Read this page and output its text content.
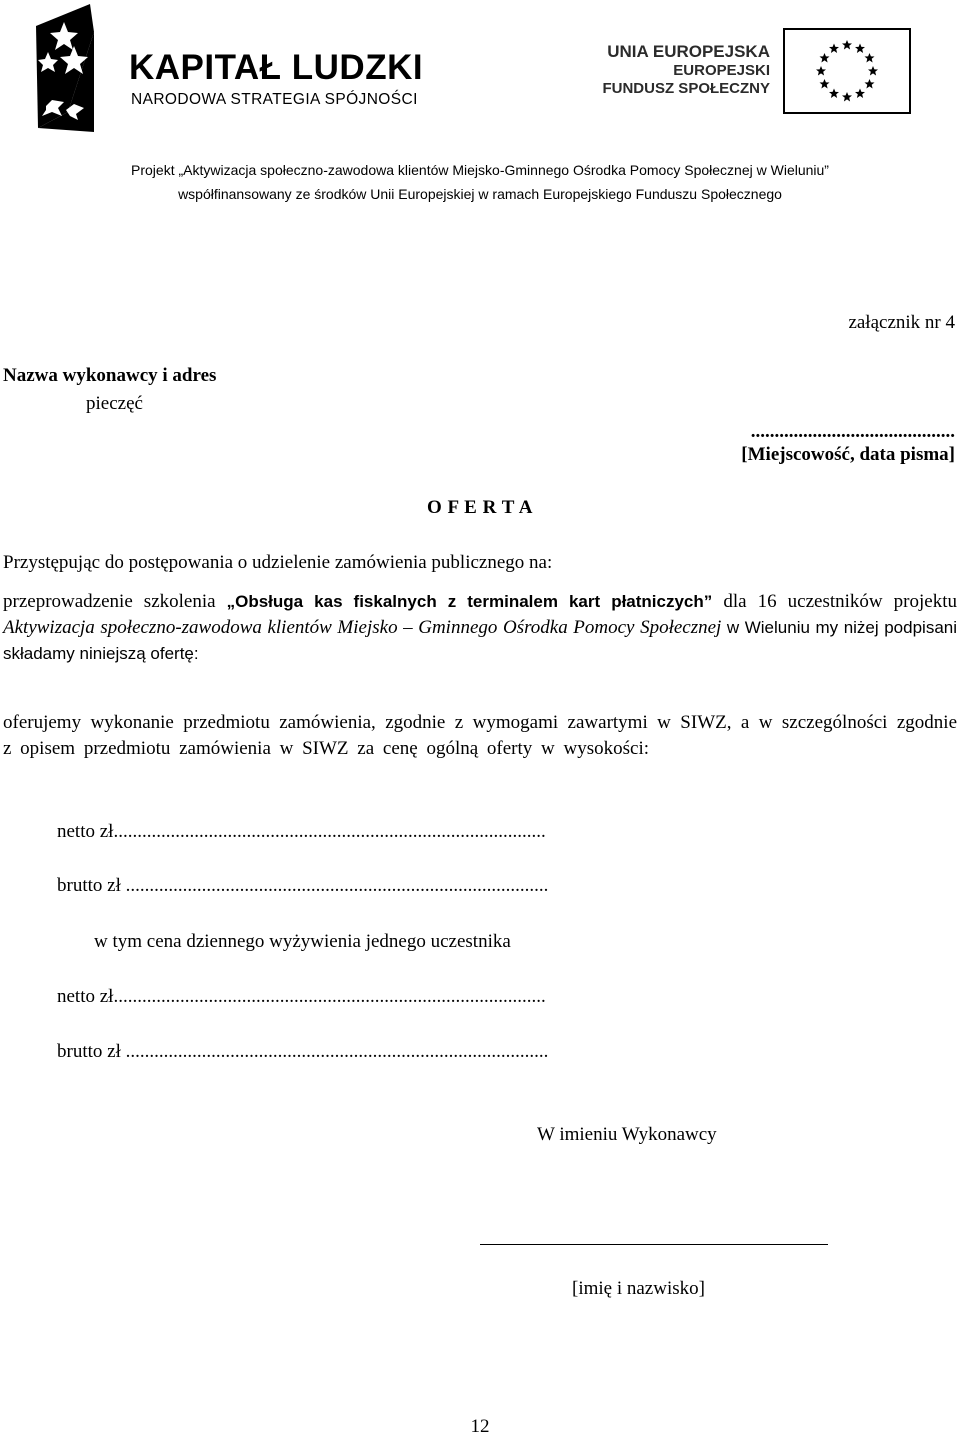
KAPITAŁ LUDZKI
NARODOWA STRATEGIA SPÓJNOŚCI
UNIA EUROPEJSKA
EUROPEJSKI
FUNDUSZ SPOŁECZNY
Projekt „Aktywizacja społeczno-zawodowa klientów Miejsko-Gminnego Ośrodka Pomocy Społecznej w Wieluniu”
współfinansowany ze środków Unii Europejskiej w ramach Europejskiego Funduszu Społecznego
załącznik nr 4
Nazwa wykonawcy i adres
pieczęć
...........................................
[Miejscowość, data pisma]
O F E R T A
Przystępując do postępowania o udzielenie zamówienia publicznego na:
przeprowadzenie szkolenia „Obsługa kas fiskalnych z terminalem kart płatniczych” dla 16 uczestników projektu Aktywizacja społeczno-zawodowa klientów Miejsko – Gminnego Ośrodka Pomocy Społecznej w Wieluniu my niżej podpisani składamy niniejszą ofertę:
oferujemy wykonanie przedmiotu zamówienia, zgodnie z wymogami zawartymi w SIWZ, a w szczególności zgodnie z opisem przedmiotu zamówienia w SIWZ za cenę ogólną oferty w wysokości:
netto zł...........................................................................................
brutto zł .........................................................................................
w tym cena dziennego wyżywienia jednego uczestnika
netto zł...........................................................................................
brutto zł .........................................................................................
W imieniu Wykonawcy
[imię i nazwisko]
12
